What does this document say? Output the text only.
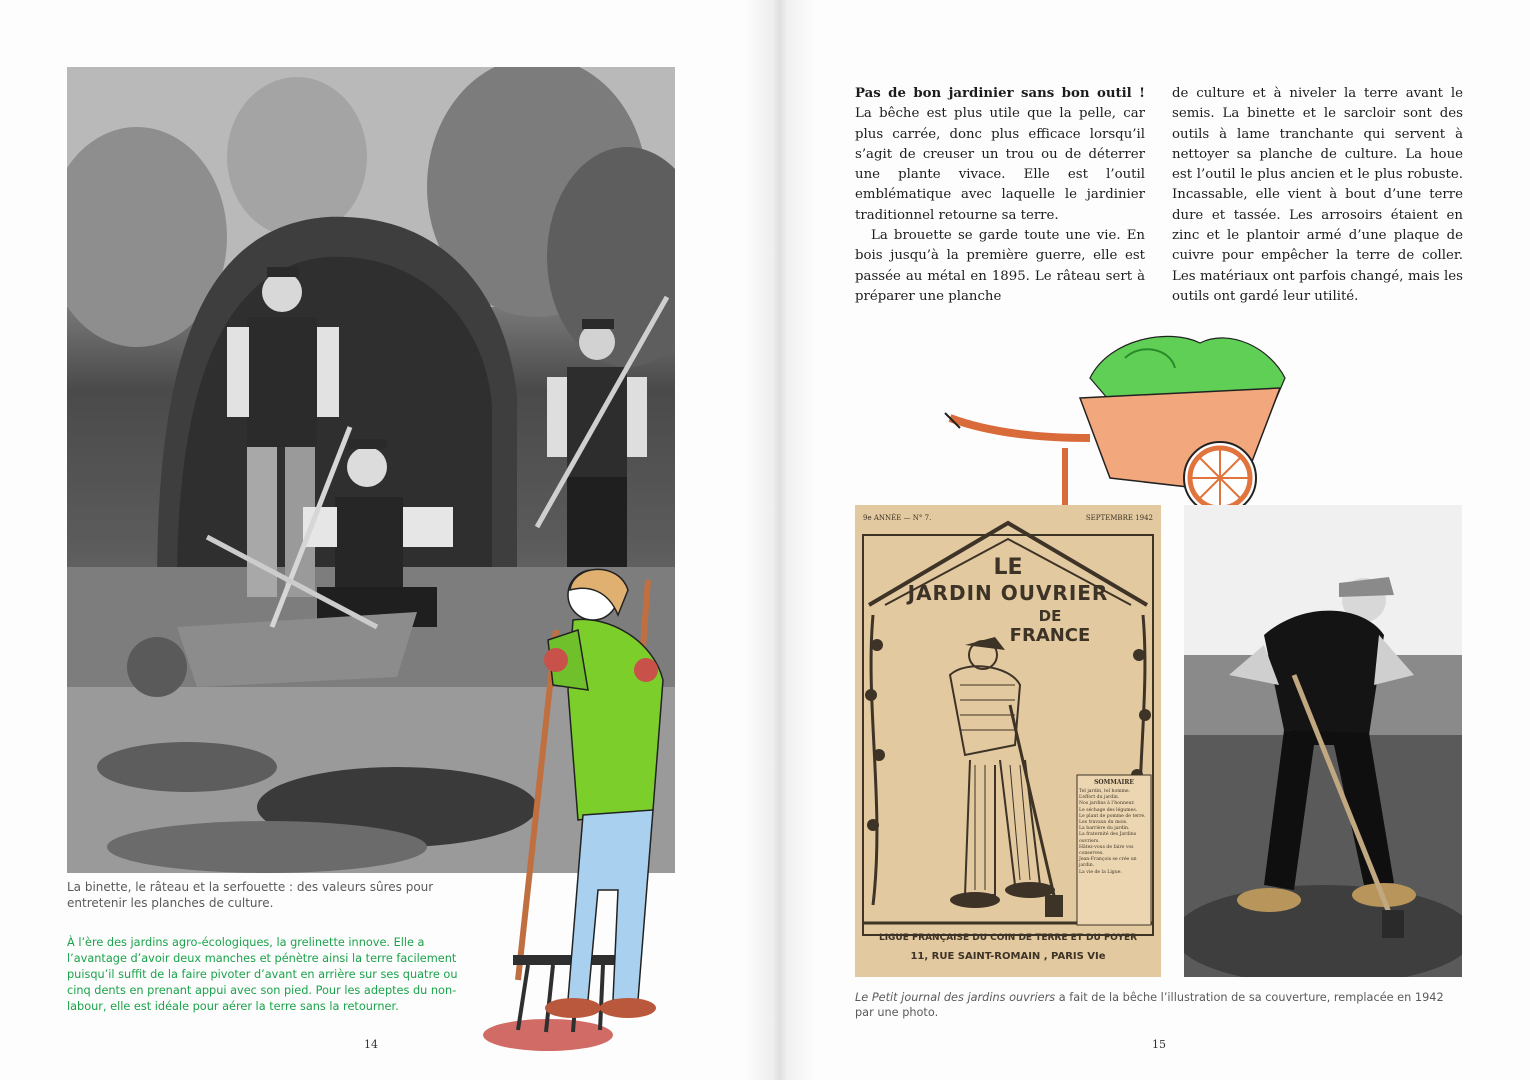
La binette, le râteau et la serfouette : des valeurs sûres pour entretenir les planches de culture.
À l’ère des jardins agro-écologiques, la grelinette innove. Elle a l’avantage d’avoir deux manches et pénètre ainsi la terre facilement puisqu’il suffit de la faire pivoter d’avant en arrière sur ses quatre ou cinq dents en prenant appui avec son pied. Pour les adeptes du non-labour, elle est idéale pour aérer la terre sans la retourner.
14

Pas de bon jardinier sans bon outil ! La bêche est plus utile que la pelle, car plus carrée, donc plus efficace lorsqu’il s’agit de creuser un trou ou de déterrer une plante vivace. Elle est l’outil emblématique avec laquelle le jardinier traditionnel retourne sa terre.

La brouette se garde toute une vie. En bois jusqu’à la première guerre, elle est passée au métal en 1895. Le râteau sert à préparer une planche

de culture et à niveler la terre avant le semis. La binette et le sarcloir sont des outils à lame tranchante qui servent à nettoyer sa planche de culture. La houe est l’outil le plus ancien et le plus robuste. Incassable, elle vient à bout d’une terre dure et tassée. Les arrosoirs étaient en zinc et le plantoir armé d’une plaque de cuivre pour empêcher la terre de coller. Les matériaux ont parfois changé, mais les outils ont gardé leur utilité.

9e ANNÉE — N° 7.	SEPTEMBRE 1942
LE
JARDIN OUVRIER
DE
FRANCE
SOMMAIRE
Tel jardin, tel homme.
L’effort du jardin.
Nos jardins à l’honneur.
Le séchage des légumes.
Le plant de pomme de terre.
Les travaux du mois.
La barrière du jardin.
La fraternité des Jardins ouvriers.
Hâtez-vous de faire vos conserves.
Jean-François se crée un jardin.
La vie de la Ligue.
LIGUE FRANÇAISE DU COIN DE TERRE ET DU FOYER
11, RUE SAINT-ROMAIN , PARIS VIe
Le Petit journal des jardins ouvriers a fait de la bêche l’illustration de sa couverture, remplacée en 1942 par une photo.
15
